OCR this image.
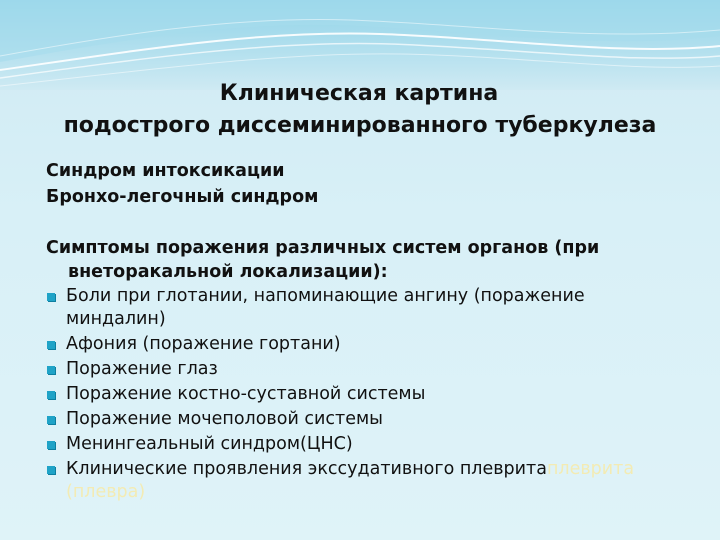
Клиническая картина
подострого диссеминированного туберкулеза

Синдром интоксикации

Бронхо-легочный синдром

Симптомы поражения различных систем органов (при внеторакальной локализации):

Боли при глотании, напоминающие ангину (поражение миндалин)
Афония (поражение гортани)
Поражение глаз
Поражение костно-суставной системы
Поражение мочеполовой системы
Менингеальный синдром(ЦНС)
Клинические проявления экссудативного плевритаплеврита (плевра)
